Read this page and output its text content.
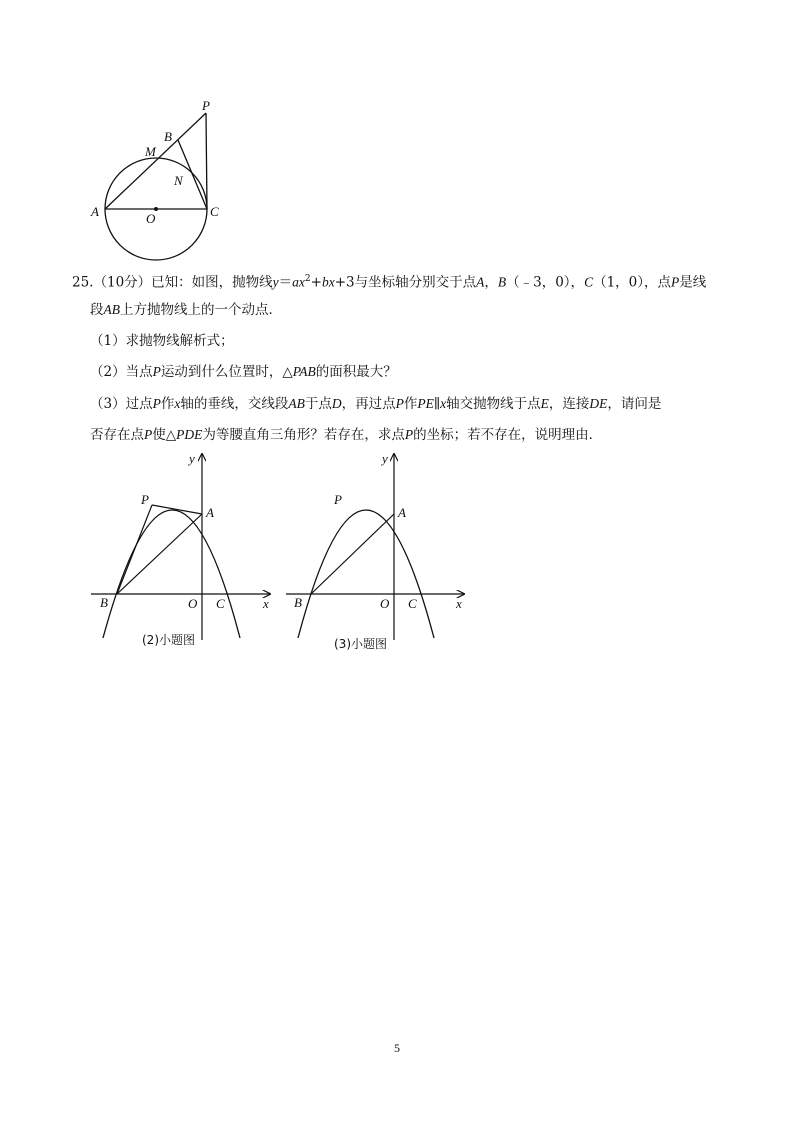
P
B
M
N
A	O	C
25.（10分）已知：如图，抛物线$y=ax^2+bx+3$与坐标轴分别交于点A，B（﹣3，0），C（1，0），点P是线
段AB上方抛物线上的一个动点．
（1）求抛物线解析式；
（2）当点P运动到什么位置时，△PAB的面积最大？
（3）过点P作x轴的垂线，交线段AB于点D，再过点P作PE∥x轴交抛物线于点E，连接DE，请问是
否存在点P使△PDE为等腰直角三角形？若存在，求点P的坐标；若不存在，说明理由．
y
x
P
A
B	O C
(2)小题图
y
x
P
A
B	O C
(3)小题图
5
